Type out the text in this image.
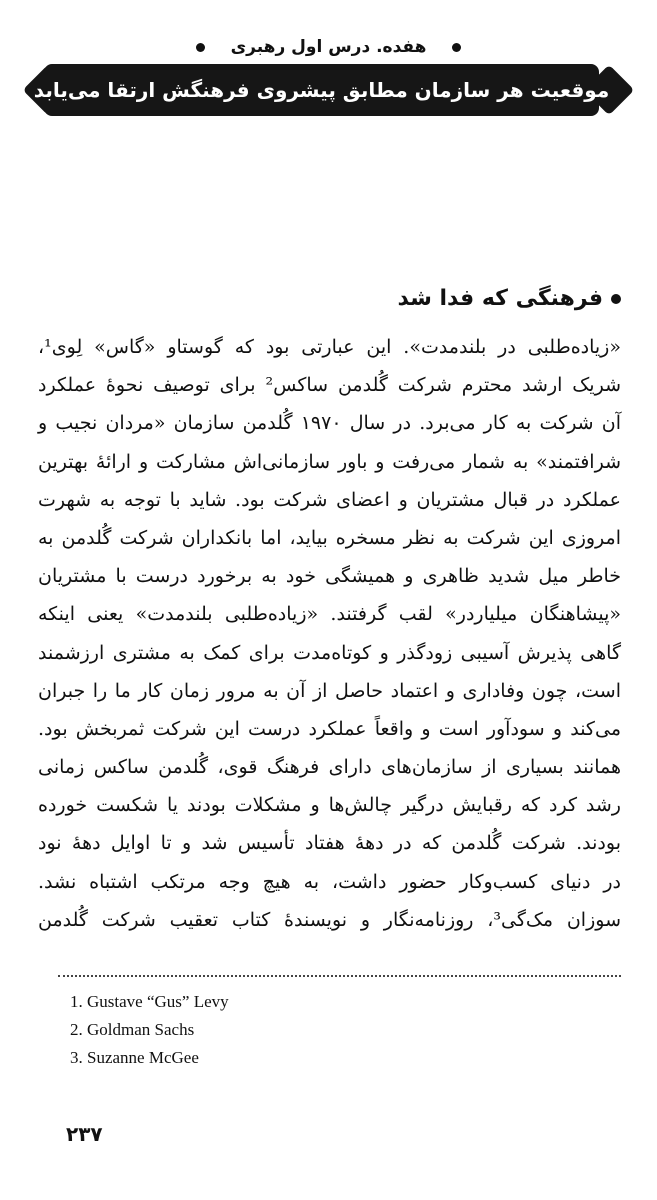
هفده. درس اول رهبری
موقعیت هر سازمان مطابق پیشروی فرهنگش ارتقا می‌یابد
فرهنگی که فدا شد
«زیاده‌طلبی در بلندمدت». این عبارتی بود که گوستاو «گاس» لِوی¹،
شریک ارشد محترم شرکت گُلدمن ساکس² برای توصیف نحوهٔ عملکرد
آن شرکت به کار می‌برد. در سال ۱۹۷۰ گُلدمن سازمان «مردان نجیب و
شرافتمند» به شمار می‌رفت و باور سازمانی‌اش مشارکت و ارائهٔ بهترین
عملکرد در قبال مشتریان و اعضای شرکت بود. شاید با توجه به شهرت
امروزی این شرکت به نظر مسخره بیاید، اما بانکداران شرکت گُلدمن به
خاطر میل شدید ظاهری و همیشگی خود به برخورد درست با مشتریان
«پیشاهنگان میلیاردر» لقب گرفتند. «زیاده‌طلبی بلندمدت» یعنی اینکه
گاهی پذیرش آسیبی زودگذر و کوتاه‌مدت برای کمک به مشتری ارزشمند
است، چون وفاداری و اعتماد حاصل از آن به مرور زمان کار ما را جبران
می‌کند و سودآور است و واقعاً عملکرد درست این شرکت ثمربخش بود.
همانند بسیاری از سازمان‌های دارای فرهنگ قوی، گُلدمن ساکس زمانی
رشد کرد که رقبایش درگیر چالش‌ها و مشکلات بودند یا شکست خورده
بودند. شرکت گُلدمن که در دههٔ هفتاد تأسیس شد و تا اوایل دههٔ نود
در دنیای کسب‌وکار حضور داشت، به هیچ وجه مرتکب اشتباه نشد.
سوزان مک‌گی³، روزنامه‌نگار و نویسندهٔ کتاب تعقیب شرکت گُلدمن
1. Gustave “Gus” Levy
2. Goldman Sachs
3. Suzanne McGee
۲۳۷
